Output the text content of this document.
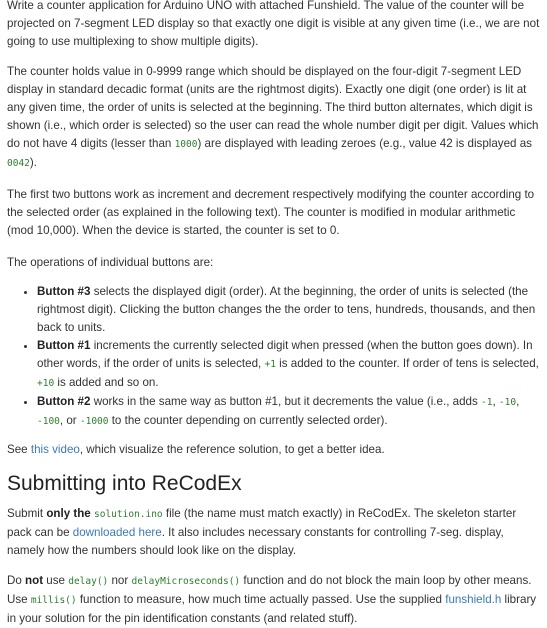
Write a counter application for Arduino UNO with attached Funshield. The value of the counter will be projected on 7-segment LED display so that exactly one digit is visible at any given time (i.e., we are not going to use multiplexing to show multiple digits).

The counter holds value in 0-9999 range which should be displayed on the four-digit 7-segment LED display in standard decadic format (units are the rightmost digits). Exactly one digit (one order) is lit at any given time, the order of units is selected at the beginning. The third button alternates, which digit is shown (i.e., which order is selected) so the user can read the whole number digit per digit. Values which do not have 4 digits (lesser than 1000) are displayed with leading zeroes (e.g., value 42 is displayed as 0042).

The first two buttons work as increment and decrement respectively modifying the counter according to the selected order (as explained in the following text). The counter is modified in modular arithmetic (mod 10,000). When the device is started, the counter is set to 0.

The operations of individual buttons are:

• Button #3 selects the displayed digit (order). At the beginning, the order of units is selected (the rightmost digit). Clicking the button changes the the order to tens, hundreds, thousands, and then back to units.
• Button #1 increments the currently selected digit when pressed (when the button goes down). In other words, if the order of units is selected, +1 is added to the counter. If order of tens is selected, +10 is added and so on.
• Button #2 works in the same way as button #1, but it decrements the value (i.e., adds -1, -10, -100, or -1000 to the counter depending on currently selected order).

See this video, which visualize the reference solution, to get a better idea.

Submitting into ReCodEx

Submit only the solution.ino file (the name must match exactly) in ReCodEx. The skeleton starter pack can be downloaded here. It also includes necessary constants for controlling 7-seg. display, namely how the numbers should look like on the display.

Do not use delay() nor delayMicroseconds() function and do not block the main loop by other means. Use millis() function to measure, how much time actually passed. Use the supplied funshield.h library in your solution for the pin identification constants (and related stuff).
